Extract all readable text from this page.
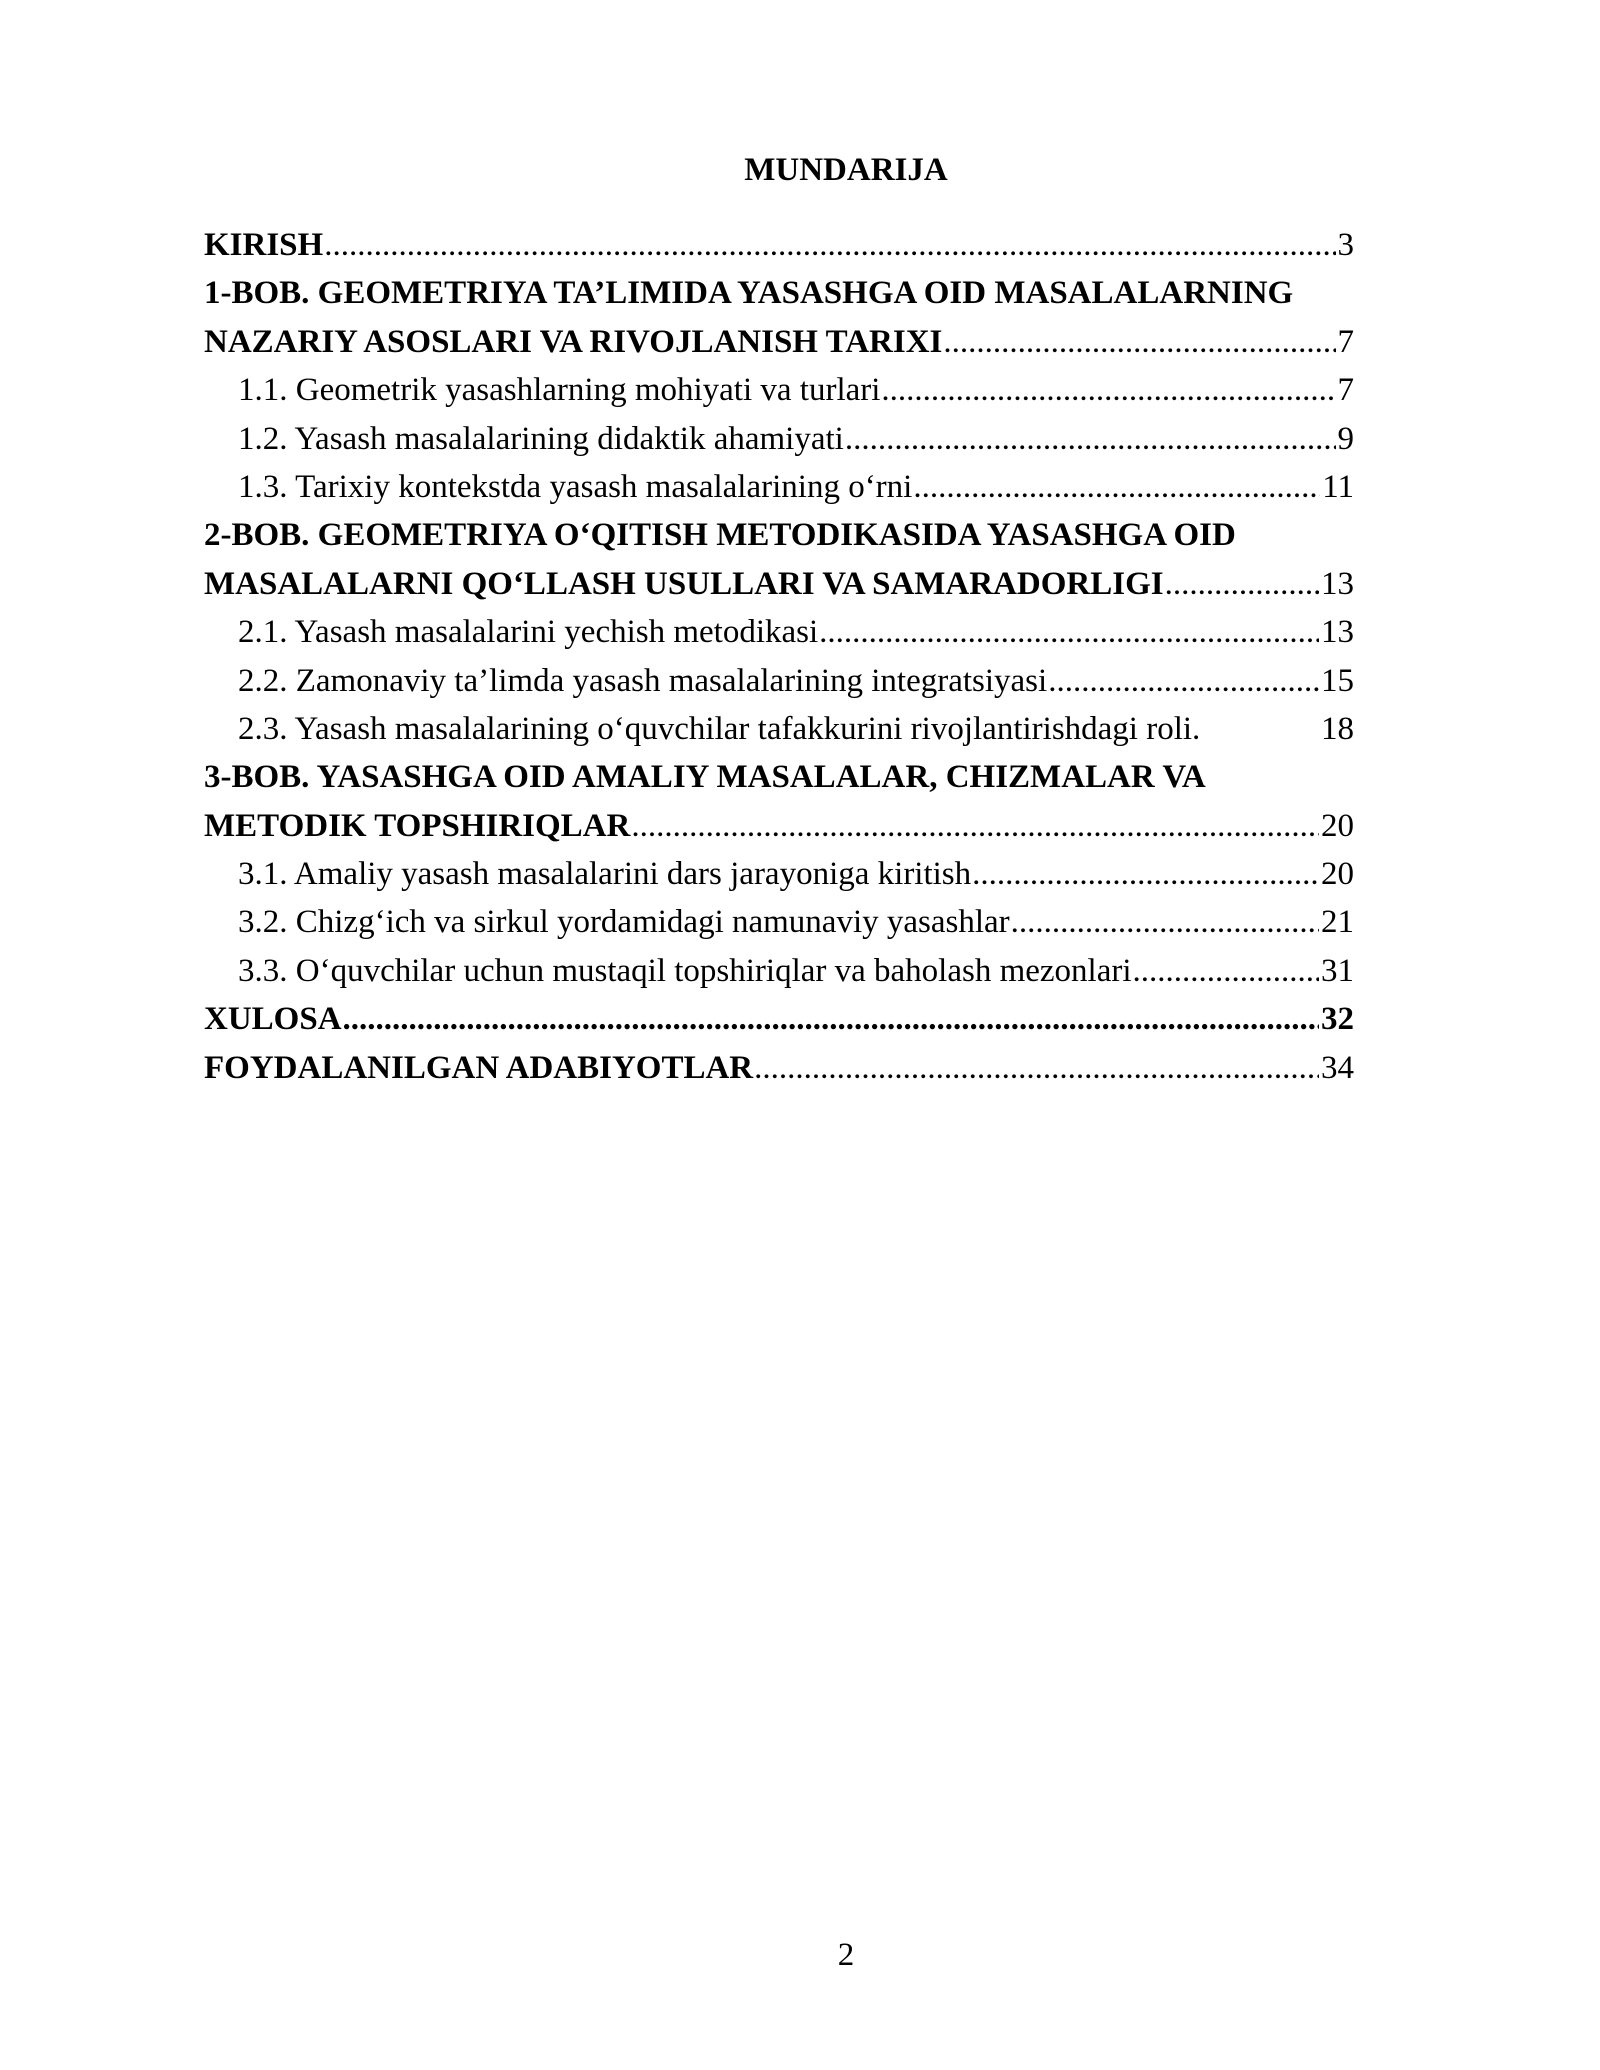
MUNDARIJA
KIRISH .....	3
1-BOB. GEOMETRIYA TA’LIMIDA YASASHGA OID MASALALARNING
NAZARIY ASOSLARI VA RIVOJLANISH TARIXI .....	7
1.1. Geometrik yasashlarning mohiyati va turlari .....	7
1.2. Yasash masalalarining didaktik ahamiyati .....	9
1.3. Tarixiy kontekstda yasash masalalarining o‘rni .....	11
2-BOB. GEOMETRIYA O‘QITISH METODIKASIDA YASASHGA OID
MASALALARNI QO‘LLASH USULLARI VA SAMARADORLIGI .....	13
2.1. Yasash masalalarini yechish metodikasi .....	13
2.2. Zamonaviy ta’limda yasash masalalarining integratsiyasi .....	15
2.3. Yasash masalalarining o‘quvchilar tafakkurini rivojlantirishdagi roli.	18
3-BOB. YASASHGA OID AMALIY MASALALAR, CHIZMALAR VA
METODIK TOPSHIRIQLAR .....	20
3.1. Amaliy yasash masalalarini dars jarayoniga kiritish .....	20
3.2. Chizg‘ich va sirkul yordamidagi namunaviy yasashlar .....	21
3.3. O‘quvchilar uchun mustaqil topshiriqlar va baholash mezonlari .....	31
XULOSA .....	32
FOYDALANILGAN ADABIYOTLAR .....	34
2
